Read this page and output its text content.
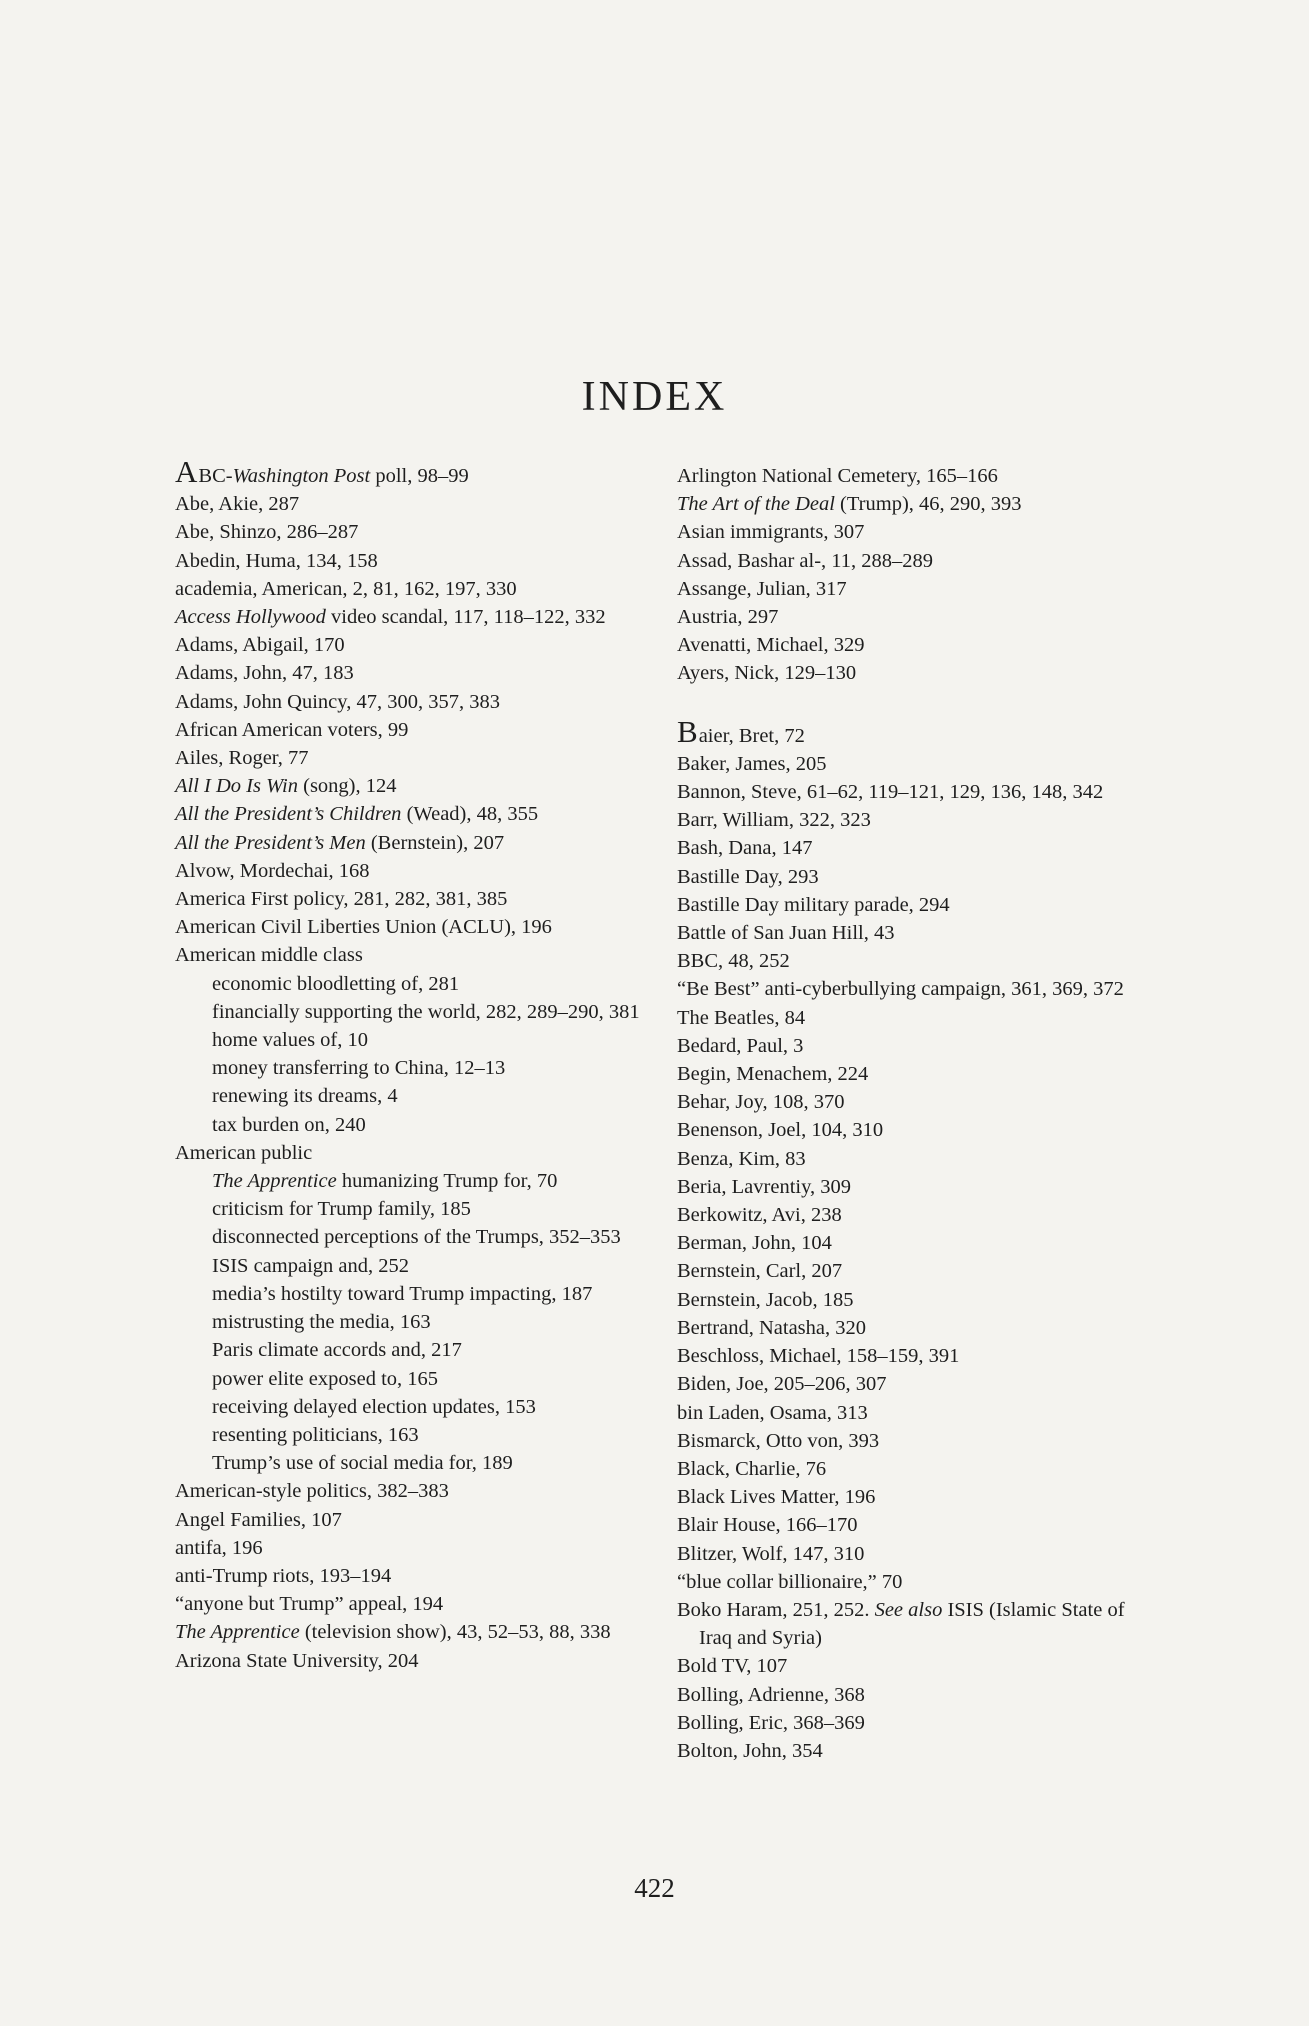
INDEX

ABC-Washington Post poll, 98–99

Abe, Akie, 287

Abe, Shinzo, 286–287

Abedin, Huma, 134, 158

academia, American, 2, 81, 162, 197, 330

Access Hollywood video scandal, 117, 118–122, 332

Adams, Abigail, 170

Adams, John, 47, 183

Adams, John Quincy, 47, 300, 357, 383

African American voters, 99

Ailes, Roger, 77

All I Do Is Win (song), 124

All the President’s Children (Wead), 48, 355

All the President’s Men (Bernstein), 207

Alvow, Mordechai, 168

America First policy, 281, 282, 381, 385

American Civil Liberties Union (ACLU), 196

American middle class

economic bloodletting of, 281

financially supporting the world, 282, 289–290, 381

home values of, 10

money transferring to China, 12–13

renewing its dreams, 4

tax burden on, 240

American public

The Apprentice humanizing Trump for, 70

criticism for Trump family, 185

disconnected perceptions of the Trumps, 352–353

ISIS campaign and, 252

media’s hostilty toward Trump impacting, 187

mistrusting the media, 163

Paris climate accords and, 217

power elite exposed to, 165

receiving delayed election updates, 153

resenting politicians, 163

Trump’s use of social media for, 189

American-style politics, 382–383

Angel Families, 107

antifa, 196

anti-Trump riots, 193–194

“anyone but Trump” appeal, 194

The Apprentice (television show), 43, 52–53, 88, 338

Arizona State University, 204

Arlington National Cemetery, 165–166

The Art of the Deal (Trump), 46, 290, 393

Asian immigrants, 307

Assad, Bashar al-, 11, 288–289

Assange, Julian, 317

Austria, 297

Avenatti, Michael, 329

Ayers, Nick, 129–130

Baier, Bret, 72

Baker, James, 205

Bannon, Steve, 61–62, 119–121, 129, 136, 148, 342

Barr, William, 322, 323

Bash, Dana, 147

Bastille Day, 293

Bastille Day military parade, 294

Battle of San Juan Hill, 43

BBC, 48, 252

“Be Best” anti-cyberbullying campaign, 361, 369, 372

The Beatles, 84

Bedard, Paul, 3

Begin, Menachem, 224

Behar, Joy, 108, 370

Benenson, Joel, 104, 310

Benza, Kim, 83

Beria, Lavrentiy, 309

Berkowitz, Avi, 238

Berman, John, 104

Bernstein, Carl, 207

Bernstein, Jacob, 185

Bertrand, Natasha, 320

Beschloss, Michael, 158–159, 391

Biden, Joe, 205–206, 307

bin Laden, Osama, 313

Bismarck, Otto von, 393

Black, Charlie, 76

Black Lives Matter, 196

Blair House, 166–170

Blitzer, Wolf, 147, 310

“blue collar billionaire,” 70

Boko Haram, 251, 252. See also ISIS (Islamic State of Iraq and Syria)

Bold TV, 107

Bolling, Adrienne, 368

Bolling, Eric, 368–369

Bolton, John, 354

422
